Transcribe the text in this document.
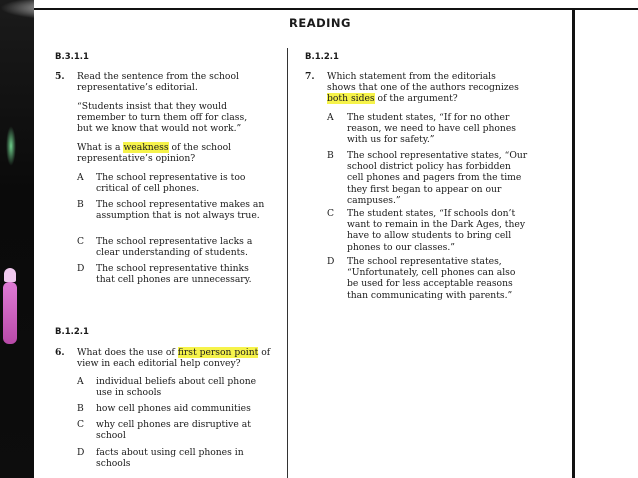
READING
B.3.1.1
5. Read the sentence from the school representative’s editorial.
“Students insist that they would remember to turn them off for class, but we know that would not work.”
What is a weakness of the school representative’s opinion?
A The school representative is too critical of cell phones.
B The school representative makes an assumption that is not always true.
C The school representative lacks a clear understanding of students.
D The school representative thinks that cell phones are unnecessary.
B.1.2.1
6. What does the use of first person point of view in each editorial help convey?
A individual beliefs about cell phone use in schools
B how cell phones aid communities
C why cell phones are disruptive at school
D facts about using cell phones in schools
B.1.2.1
7. Which statement from the editorials shows that one of the authors recognizes both sides of the argument?
A The student states, “If for no other reason, we need to have cell phones with us for safety.”
B The school representative states, “Our school district policy has forbidden cell phones and pagers from the time they first began to appear on our campuses.”
C The student states, “If schools don’t want to remain in the Dark Ages, they have to allow students to bring cell phones to our classes.”
D The school representative states, “Unfortunately, cell phones can also be used for less acceptable reasons than communicating with parents.”
